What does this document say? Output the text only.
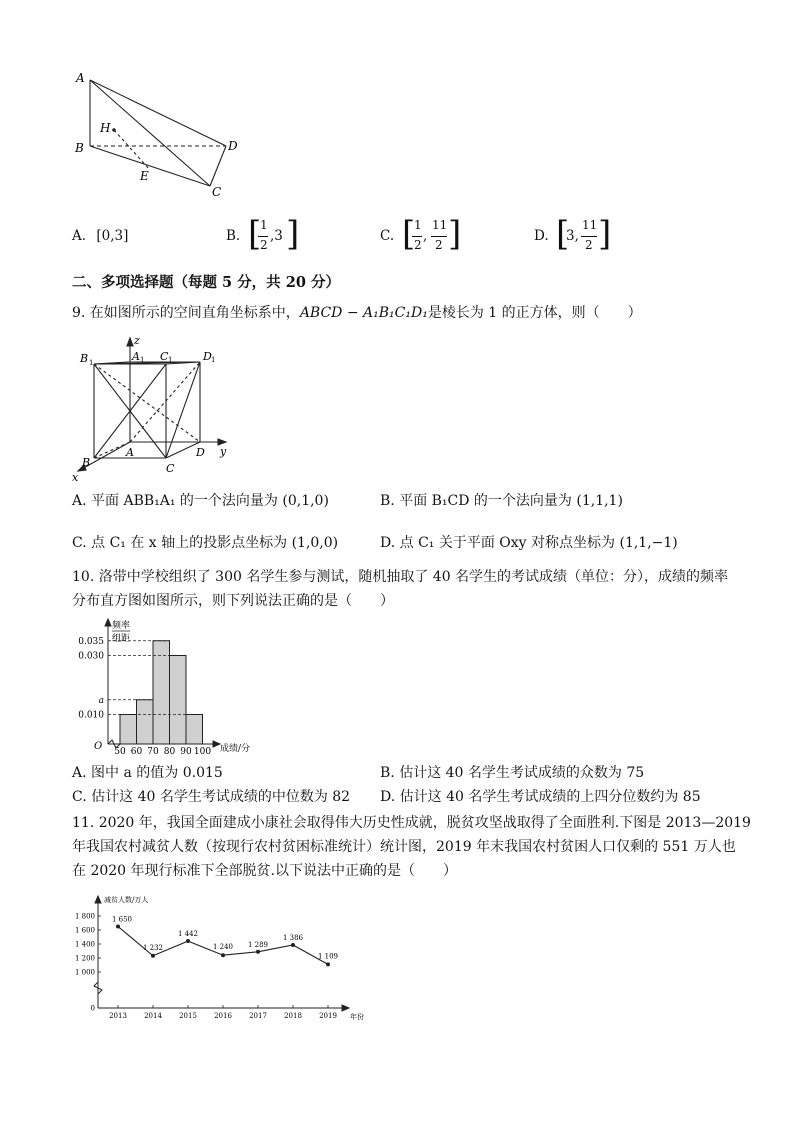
A
B	D
C
H
E
A. [0,3]	B. [
1
2
,3 ]	C. [
1
2
,
11
2 ]	D. [
3,
11
2 ]
二、多项选择题（每题 5 分，共 20 分）
9. 在如图所示的空间直角坐标系中，ABCD − A₁B₁C₁D₁是棱长为 1 的正方体，则（　　）
z
y
x
A
B	C	D
A
B	C
D
1
1	1	1
A. 平面 ABB₁A₁ 的一个法向量为 (0,1,0)	B. 平面 B₁CD 的一个法向量为 (1,1,1)
C. 点 C₁ 在 x 轴上的投影点坐标为 (1,0,0)	D. 点 C₁ 关于平面 Oxy 对称点坐标为 (1,1,−1)
10. 洛带中学校组织了 300 名学生参与测试，随机抽取了 40 名学生的考试成绩（单位：分），成绩的频率
分布直方图如图所示，则下列说法正确的是（　　）
频率
组距
O	成绩/分
0.035
0.030
a
0.010
50 60 70 80 90 100
A. 图中 a 的值为 0.015	B. 估计这 40 名学生考试成绩的众数为 75
C. 估计这 40 名学生考试成绩的中位数为 82 D. 估计这 40 名学生考试成绩的上四分位数约为 85
11. 2020 年，我国全面建成小康社会取得伟大历史性成就，脱贫攻坚战取得了全面胜利.下图是 2013—2019
年我国农村减贫人数（按现行农村贫困标准统计）统计图，2019 年末我国农村贫困人口仅剩的 551 万人也
在 2020 年现行标准下全部脱贫.以下说法中正确的是（　　）
减贫人数/万人
年份
1 800
1 600
1 400
1 200
1 000
0
2013 2014 2015 2016 2017 2018 2019
1 650
1 232
1 442
1 240 1 289
1 386
1 109
